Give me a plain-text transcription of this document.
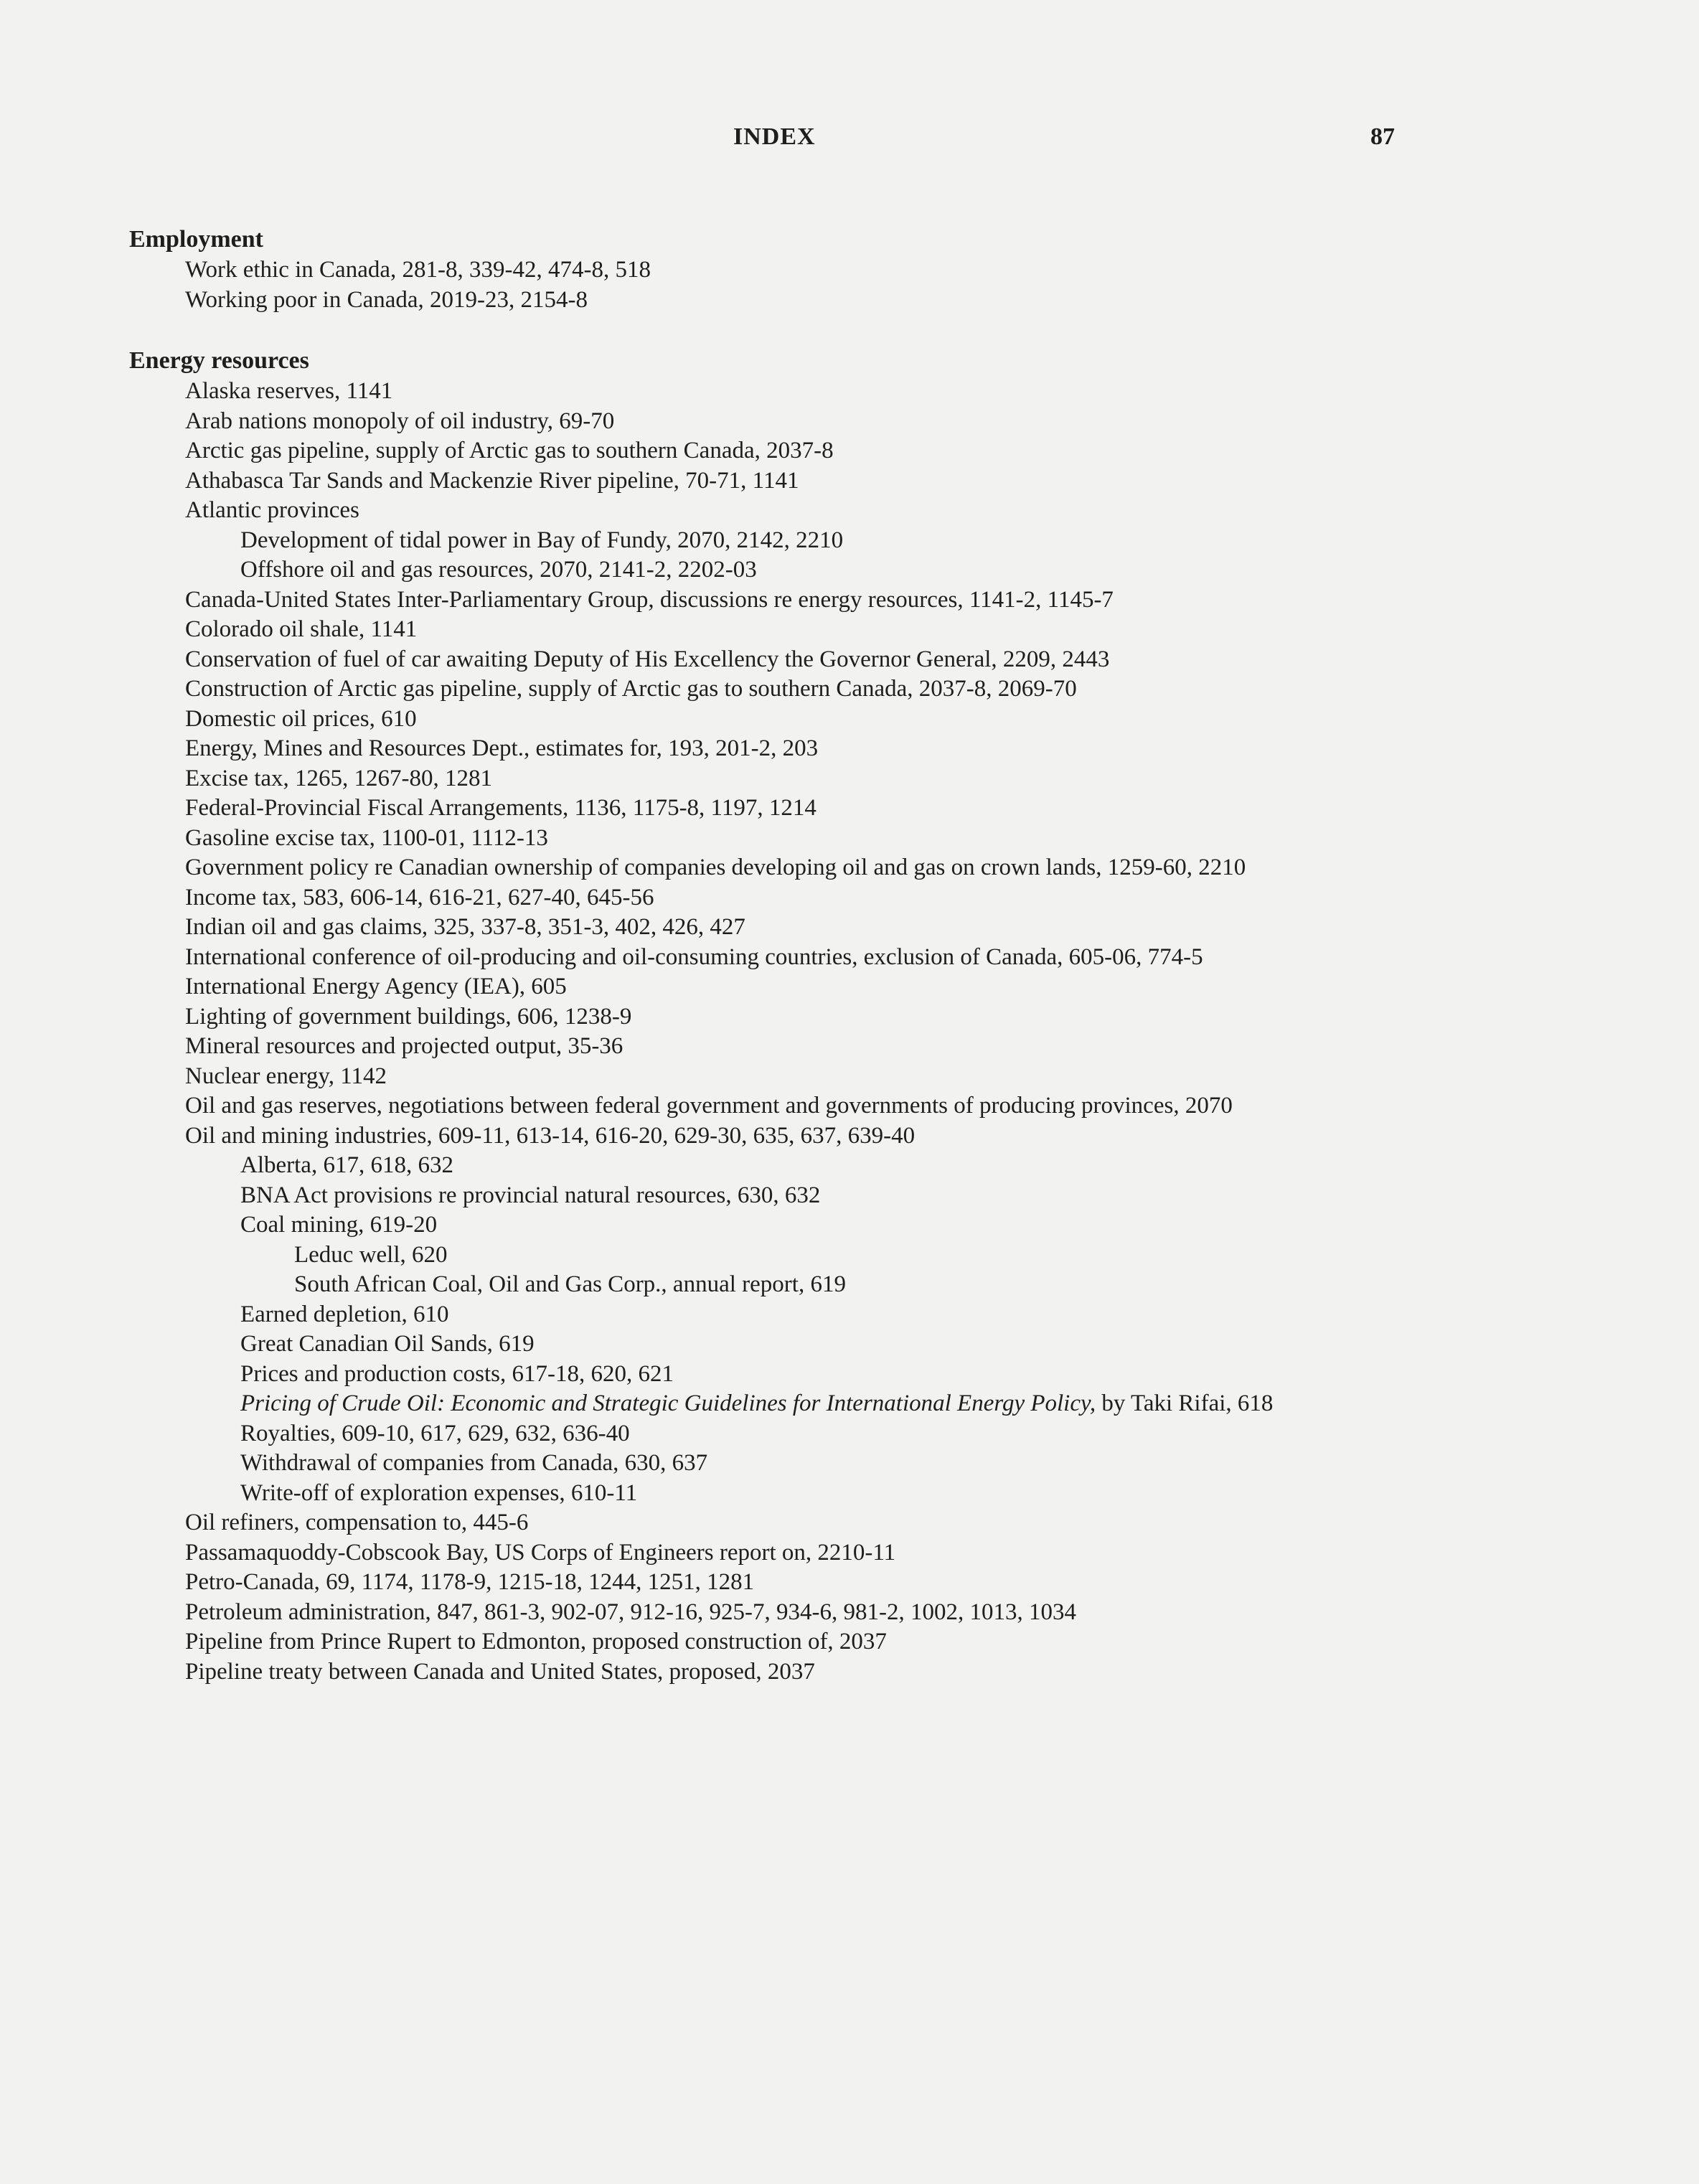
INDEX	87
Employment
Work ethic in Canada, 281-8, 339-42, 474-8, 518
Working poor in Canada, 2019-23, 2154-8
Energy resources
Alaska reserves, 1141
Arab nations monopoly of oil industry, 69-70
Arctic gas pipeline, supply of Arctic gas to southern Canada, 2037-8
Athabasca Tar Sands and Mackenzie River pipeline, 70-71, 1141
Atlantic provinces
Development of tidal power in Bay of Fundy, 2070, 2142, 2210
Offshore oil and gas resources, 2070, 2141-2, 2202-03
Canada-United States Inter-Parliamentary Group, discussions re energy resources, 1141-2, 1145-7
Colorado oil shale, 1141
Conservation of fuel of car awaiting Deputy of His Excellency the Governor General, 2209, 2443
Construction of Arctic gas pipeline, supply of Arctic gas to southern Canada, 2037-8, 2069-70
Domestic oil prices, 610
Energy, Mines and Resources Dept., estimates for, 193, 201-2, 203
Excise tax, 1265, 1267-80, 1281
Federal-Provincial Fiscal Arrangements, 1136, 1175-8, 1197, 1214
Gasoline excise tax, 1100-01, 1112-13
Government policy re Canadian ownership of companies developing oil and gas on crown lands, 1259-60, 2210
Income tax, 583, 606-14, 616-21, 627-40, 645-56
Indian oil and gas claims, 325, 337-8, 351-3, 402, 426, 427
International conference of oil-producing and oil-consuming countries, exclusion of Canada, 605-06, 774-5
International Energy Agency (IEA), 605
Lighting of government buildings, 606, 1238-9
Mineral resources and projected output, 35-36
Nuclear energy, 1142
Oil and gas reserves, negotiations between federal government and governments of producing provinces, 2070
Oil and mining industries, 609-11, 613-14, 616-20, 629-30, 635, 637, 639-40
Alberta, 617, 618, 632
BNA Act provisions re provincial natural resources, 630, 632
Coal mining, 619-20
Leduc well, 620
South African Coal, Oil and Gas Corp., annual report, 619
Earned depletion, 610
Great Canadian Oil Sands, 619
Prices and production costs, 617-18, 620, 621
Pricing of Crude Oil: Economic and Strategic Guidelines for International Energy Policy, by Taki Rifai, 618
Royalties, 609-10, 617, 629, 632, 636-40
Withdrawal of companies from Canada, 630, 637
Write-off of exploration expenses, 610-11
Oil refiners, compensation to, 445-6
Passamaquoddy-Cobscook Bay, US Corps of Engineers report on, 2210-11
Petro-Canada, 69, 1174, 1178-9, 1215-18, 1244, 1251, 1281
Petroleum administration, 847, 861-3, 902-07, 912-16, 925-7, 934-6, 981-2, 1002, 1013, 1034
Pipeline from Prince Rupert to Edmonton, proposed construction of, 2037
Pipeline treaty between Canada and United States, proposed, 2037
